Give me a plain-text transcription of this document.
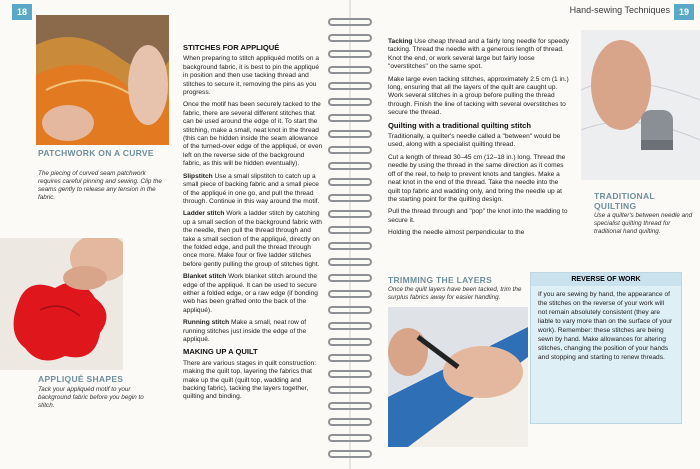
18
PATCHWORK ON A CURVE
The piecing of curved seam patchwork requires careful pinning and sewing. Clip the seams gently to release any tension in the fabric.
APPLIQUÉ SHAPES
Tack your appliquéd motif to your background fabric before you begin to stitch.
STITCHES FOR APPLIQUÉ

When preparing to stitch appliquéd motifs on a background fabric, it is best to pin the appliqué in position and then use tacking thread and stitches to secure it, removing the pins as you progress.

Once the motif has been securely tacked to the fabric, there are several different stitches that can be used around the edge of it. To start the stitching, make a small, neat knot in the thread (this can be hidden inside the seam allowance of the turned-over edge of the appliqué, or even left on the reverse side of the background fabric, as this will be hidden eventually).

Slipstitch Use a small slipstitch to catch up a small piece of backing fabric and a small piece of the appliqué in one go, and pull the thread through. Continue in this way around the motif.

Ladder stitch Work a ladder stitch by catching up a small section of the background fabric with the needle, then pull the thread through and take a small section of the appliqué, directly on the folded edge, and pull the thread through once more. Make four or five ladder stitches before gently pulling the group of stitches tight.

Blanket stitch Work blanket stitch around the edge of the appliqué. It can be used to secure either a folded edge, or a raw edge (if bonding web has been grafted onto the back of the appliqué).

Running stitch Make a small, neat row of running stitches just inside the edge of the appliqué.

MAKING UP A QUILT

There are various stages in quilt construction: making the quilt top, layering the fabrics that make up the quilt (quilt top, wadding and backing fabric), tacking the layers together, quilting and binding.

Hand-sewing Techniques 19

Tacking Use cheap thread and a fairly long needle for speedy tacking. Thread the needle with a generous length of thread. Knot the end, or work several large but fairly loose "overstitches" on the same spot.

Make large even tacking stitches, approximately 2.5 cm (1 in.) long, ensuring that all the layers of the quilt are caught up. Work several stitches in a group before pulling the thread through. Finish the line of tacking with several overstitches to secure the thread.

Quilting with a traditional quilting stitch

Traditionally, a quilter's needle called a "between" would be used, along with a specialist quilting thread.

Cut a length of thread 30–45 cm (12–18 in.) long. Thread the needle by using the thread in the same direction as it comes off of the reel, to help to prevent knots and tangles. Make a neat knot in the end of the thread. Take the needle into the quilt top fabric and wadding only, and bring the needle up at the starting point for the quilting design.

Pull the thread through and "pop" the knot into the wadding to secure it.

Holding the needle almost perpendicular to the

TRADITIONAL QUILTING
Use a quilter's between needle and specialist quilting thread for traditional hand quilting.
TRIMMING THE LAYERS
Once the quilt layers have been tacked, trim the surplus fabrics away for easier handling.
REVERSE OF WORK
If you are sewing by hand, the appearance of the stitches on the reverse of your work will not remain absolutely consistent (they are liable to vary more than on the surface of your work). Remember: these stitches are being sewn by hand. Make allowances for altering stitches, changing the position of your hands and stopping and starting to renew threads.
